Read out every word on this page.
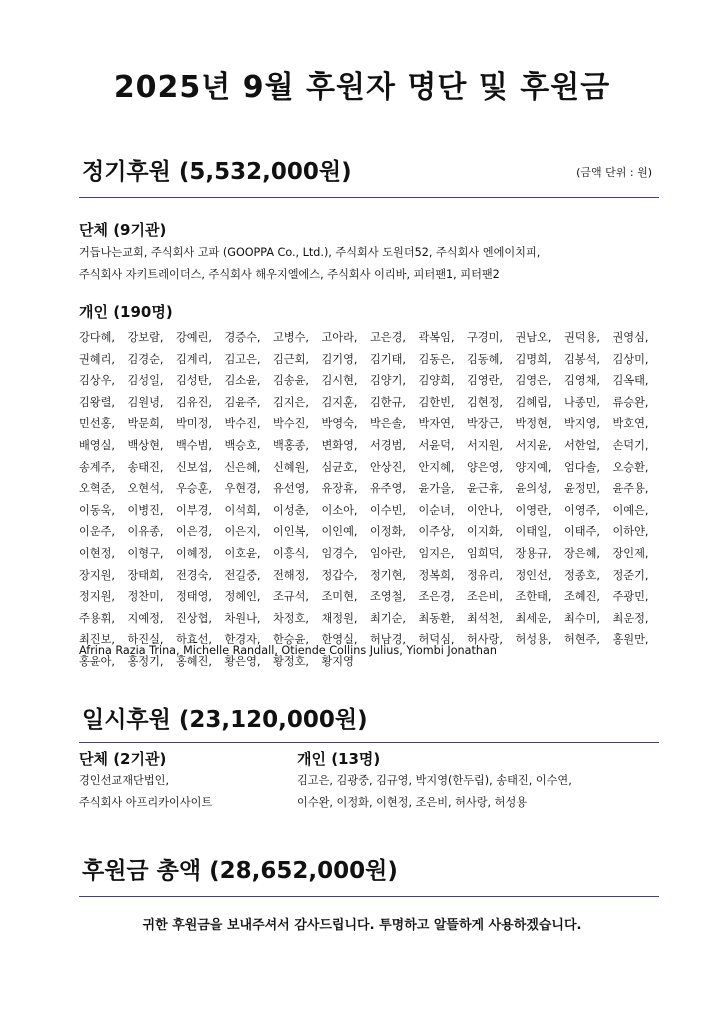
2025년 9월 후원자 명단 및 후원금
정기후원 (5,532,000원)	(금액 단위 : 원)
단체 (9기관)
거듭나는교회, 주식회사 고파 (GOOPPA Co., Ltd.), 주식회사 도원더52, 주식회사 엔에이치피,
주식회사 자키트레이더스, 주식회사 해우지엘에스, 주식회사 이리바, 피터팬1, 피터팬2
개인 (190명)
강다혜,	강보람,	강예린,	경증수,	고병수,	고아라,	고은경,	곽복임,	구경미,	권남오,	권덕용,	권영심,
권혜리,	김경순,	김계리,	김고은,	김근회,	김기영,	김기태,	김동은,	김동혜,	김명희,	김봉석,	김상미,
김상우,	김성일,	김성탄,	김소윤,	김송윤,	김시현,	김양기,	김양희,	김영란,	김영은,	김영채,	김옥태,
김왕렬,	김원녕,	김유진,	김윤주,	김지은,	김지훈,	김한규,	김한빈,	김현정,	김혜림,	나종민,	류승완,
민선홍,	박문희,	박미정,	박수진,	박수진,	박영숙,	박은솔,	박자연,	박장근,	박정현,	박지영,	박호연,
배영실,	백상현,	백수범,	백승호,	백홍종,	변화영,	서경범,	서윤덕,	서지원,	서지윤,	서한얼,	손덕기,
송계주,	송태진,	신보섭,	신은혜,	신혜원,	심균호,	안상진,	안지혜,	양은영,	양지예,	엄다솔,	오승환,
오혁준,	오현석,	우승훈,	우현경,	유선영,	유장휴,	유주영,	윤가을,	윤근휴,	윤의성,	윤정민,	윤주용,
이동욱,	이병진,	이부경,	이석희,	이성춘,	이소아,	이수빈,	이순녀,	이안나,	이영란,	이영주,	이예은,
이운주,	이유종,	이은경,	이은지,	이인복,	이인예,	이정화,	이주상,	이지화,	이태일,	이태주,	이하얀,
이현정,	이형구,	이혜정,	이호윤,	이흥식,	임경수,	임아란,	임지은,	임희덕,	장용규,	장은혜,	장인제,
장지원,	장태희,	전경숙,	전길중,	전해정,	정갑수,	정기현,	정복희,	정유리,	정인선,	정종호,	정준기,
정지원,	정찬미,	정태영,	정혜인,	조규석,	조미현,	조영철,	조은경,	조은비,	조한태,	조혜진,	주광민,
주용휘,	지예정,	진상협,	차원나,	차정호,	채정원,	최기순,	최동환,	최석천,	최세운,	최수미,	최운정,
최진보,	하진실,	하효선,	한경자,	한승윤,	한영실,	허남경,	허덕심,	허사랑,	허성용,	허현주,	홍원만,
홍윤아,	홍정기,	홍혜진,	황은영,	황정호,	황지영
Afrina Razia Trina, Michelle Randall, Otiende Collins Julius, Yiombi Jonathan
일시후원 (23,120,000원)
단체 (2기관)
경인선교재단법인,
주식회사 아프리카이사이트
개인 (13명)
김고은, 김광중, 김규영, 박지영(한두림), 송태진, 이수연,
이수완, 이정화, 이현정, 조은비, 허사랑, 허성용
후원금 총액 (28,652,000원)
귀한 후원금을 보내주셔서 감사드립니다. 투명하고 알뜰하게 사용하겠습니다.
